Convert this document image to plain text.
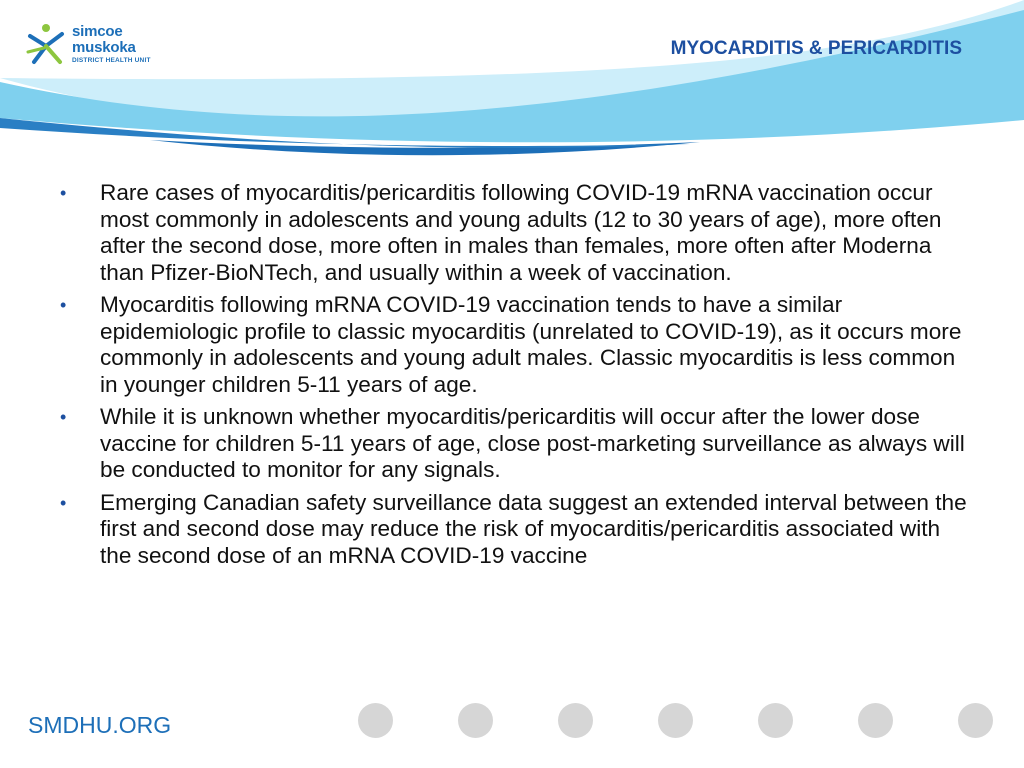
simcoe
muskoka
DISTRICT HEALTH UNIT
MYOCARDITIS & PERICARDITIS
•	Rare cases of myocarditis/pericarditis following COVID-19 mRNA vaccination occur most commonly in adolescents and young adults (12 to 30 years of age), more often after the second dose, more often in males than females, more often after Moderna than Pfizer-BioNTech, and usually within a week of vaccination.
•	Myocarditis following mRNA COVID-19 vaccination tends to have a similar epidemiologic profile to classic myocarditis (unrelated to COVID-19), as it occurs more commonly in adolescents and young adult males. Classic myocarditis is less common in younger children 5-11 years of age.
•	While it is unknown whether myocarditis/pericarditis will occur after the lower dose vaccine for children 5-11 years of age, close post-marketing surveillance as always will be conducted to monitor for any signals.
•	Emerging Canadian safety surveillance data suggest an extended interval between the first and second dose may reduce the risk of myocarditis/pericarditis associated with the second dose of an mRNA COVID-19 vaccine
SMDHU.ORG
